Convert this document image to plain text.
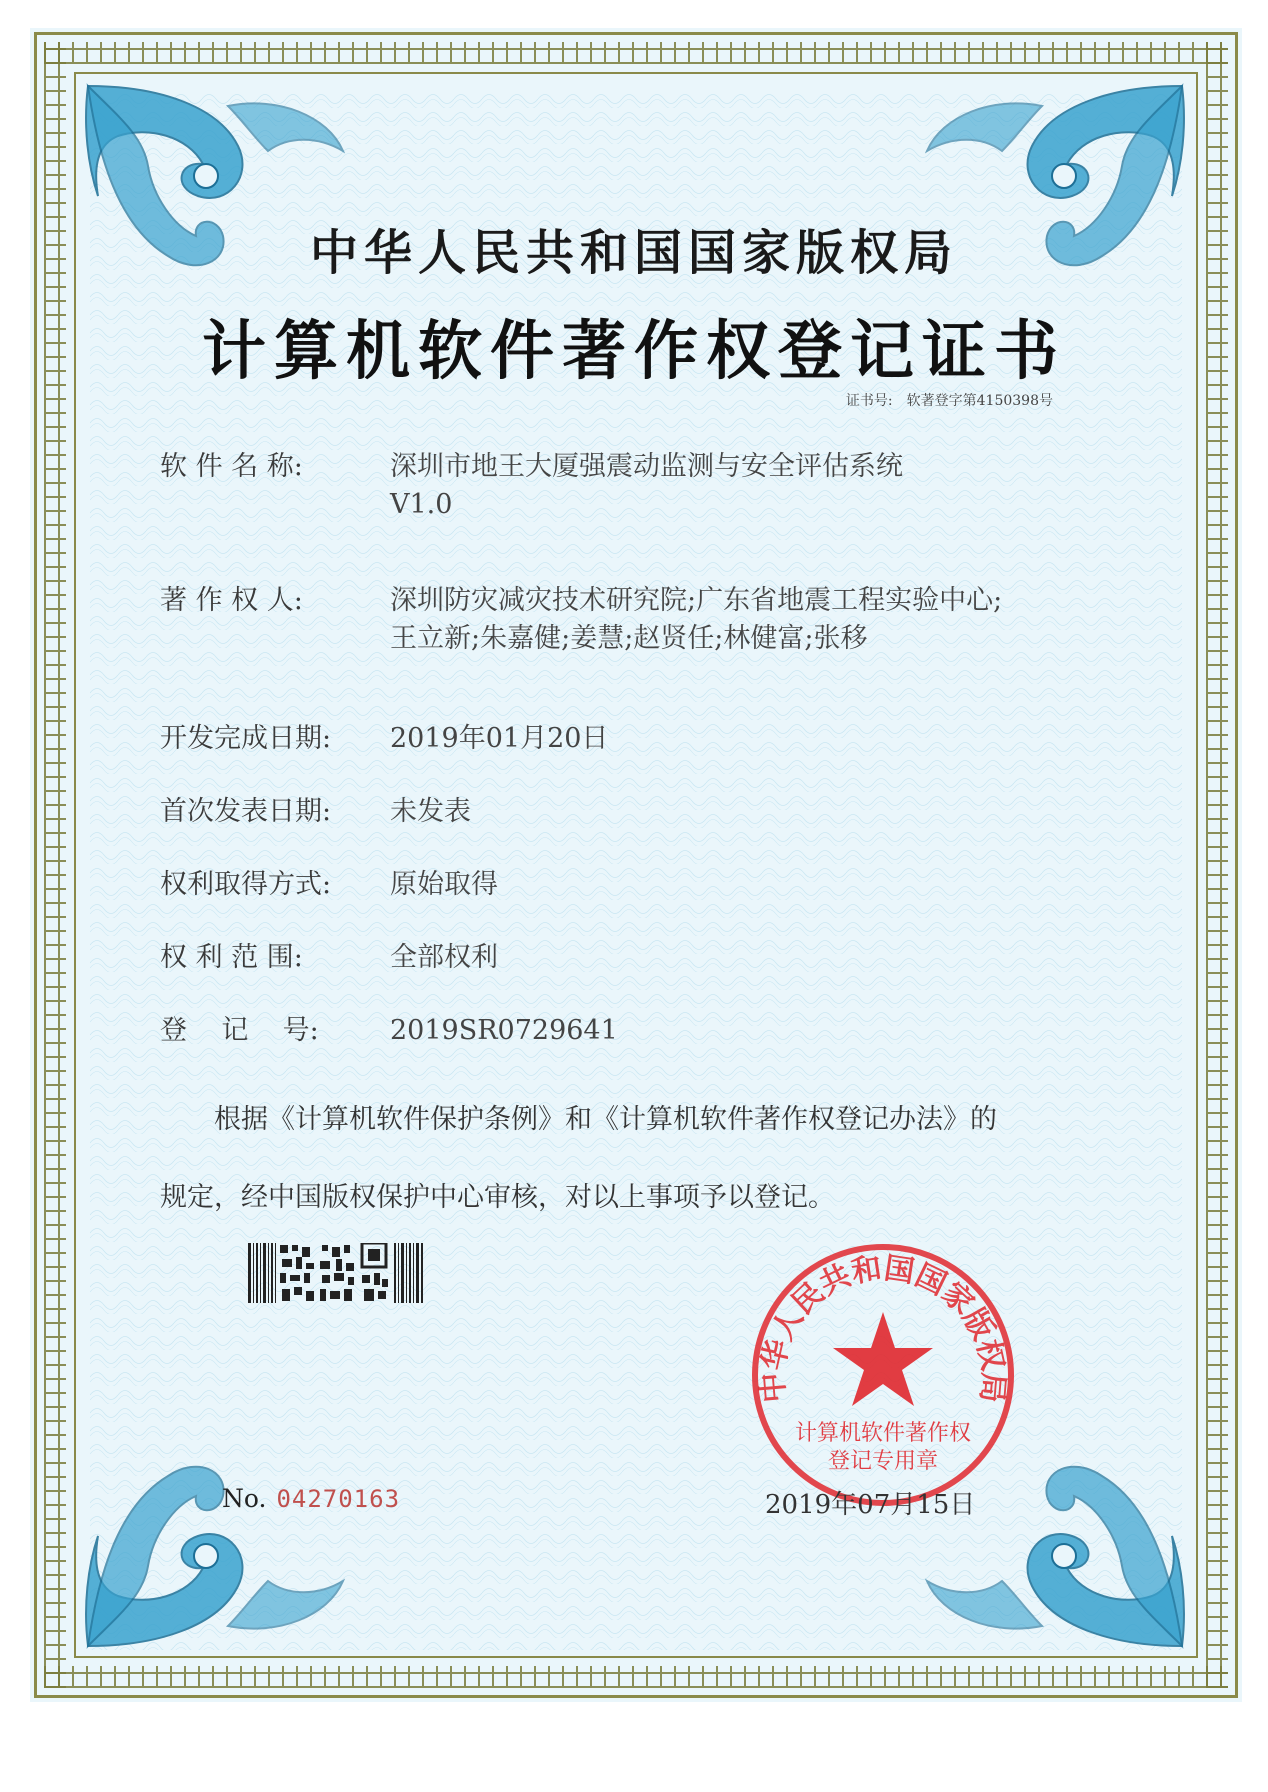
中华人民共和国国家版权局
计算机软件著作权登记证书
证书号: 软著登字第4150398号
软 件 名 称:	深圳市地王大厦强震动监测与安全评估系统
V1.0
著 作 权 人:	深圳防灾减灾技术研究院;广东省地震工程实验中心;
王立新;朱嘉健;姜慧;赵贤任;林健富;张移
开发完成日期:	2019年01月20日
首次发表日期:	未发表
权利取得方式:	原始取得
权 利 范 围:	全部权利
登    记    号:	2019SR0729641
根据《计算机软件保护条例》和《计算机软件著作权登记办法》的
规定，经中国版权保护中心审核，对以上事项予以登记。
中华人民共和国国家版权局
计算机软件著作权
登记专用章
No. 04270163	2019年07月15日
